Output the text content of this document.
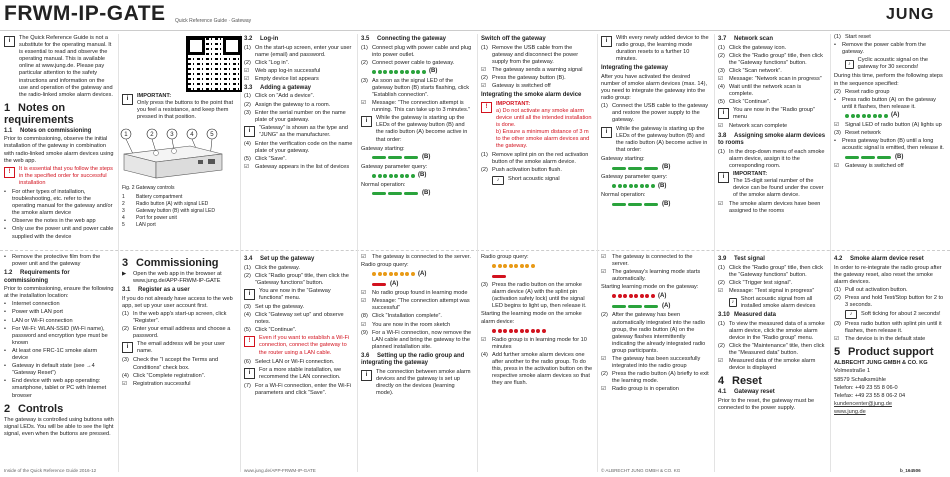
FRWM-IP-GATE Quick Reference Guide · Gateway	JUNG
i	The Quick Reference Guide is not a substitute for the operating manual. It is essential to read and observe the operating manual. This is available online at www.jung.de. Please pay particular attention to the safety instructions and information on the use and operation of the gateway and the radio-linked smoke alarm devices.
1 Notes on requirements
1.1 Notes on commissioning
Prior to commissioning, observe the initial installation of the gateway in combination with radio-linked smoke alarm devices using the web app.
!	It is essential that you follow the steps in the specified order for successful installation
•	For other types of installation, troubleshooting, etc. refer to the operating manual for the gateway and/or the smoke alarm device
•	Observe the notes in the web app
•	Only use the power unit and power cable supplied with the device
•	Remove the protective film from the power unit and the gateway
1.2 Requirements for commissioning
Prior to commissioning, ensure the following at the installation location:
•	Internet connection
•	Power with LAN port
•	LAN or Wi-Fi connection
•	For Wi-Fi: WLAN-SSID (Wi-Fi name), password and encryption type must be known
•	At least one FRC-1C smoke alarm device
•	Gateway in default state (see →4 “Gateway Reset”)
•	End device with web app operating: smartphone, tablet or PC with Internet browser
2 Controls
The gateway is controlled using buttons with signal LEDs. You will be able to see the light signal, even when the buttons are pressed.
Inside of the Quick Reference Guide 2016-12
i	IMPORTANT:
Only press the buttons to the point that you feel a resistance, and keep them pressed in that position.
1	2	3	4	5
Fig. 2 Gateway controls
1	Battery compartment
2	Radio button (A) with signal LED
3	Gateway button (B) with signal LED
4	Port for power unit
5	LAN port
3 Commissioning
▶	Open the web app in the browser at www.jung.de/APP-FRWM-IP-GATE
3.1 Register as a user
If you do not already have access to the web app, set up your user account first.
(1) In the web app's start-up screen, click “Register”.
(2) Enter your email address and choose a password.
i	The email address will be your user name.
(3) Check the “I accept the Terms and Conditions” check box.
(4) Click “Complete registration”.
☑	Registration successful
3.2 Log-in
(1) On the start-up screen, enter your user name (email) and password.
(2) Click “Log in”.
☑	Web app log-in successful
☑	Empty device list appears
3.3 Adding a gateway
(1) Click on “Add a device”.
(2) Assign the gateway to a room.
(3) Enter the serial number on the name plate of your gateway.
i	“Gateway” is shown as the type and “JUNG” as the manufacturer.
(4) Enter the verification code on the name plate of your gateway.
(5) Click “Save”.
☑	Gateway appears in the list of devices
3.4 Set up the gateway
(1) Click the gateway.
(2) Click “Radio group” title, then click the “Gateway functions” button.
i	You are now in the “Gateway functions” menu.
(3) Set up the gateway.
(4) Click “Gateway set up” and observe notes.
(5) Click “Continue”.
!	Even if you want to establish a Wi-Fi connection, connect the gateway to the router using a LAN cable.
(6) Select LAN or Wi-Fi connection.
i	For a more stable installation, we recommend the LAN connection.
(7) For a Wi-Fi connection, enter the Wi-Fi parameters and click “Save”.
www.jung.de/APP-FRWM-IP-GATE
3.5 Connecting the gateway
(1) Connect plug with power cable and plug into power outlet.
(2) Connect power cable to gateway.
(B)
(3) As soon as the signal LED of the gateway button (B) starts flashing, click “Establish connection”.
☑	Message: “The connection attempt is running. This can take up to 3 minutes.”
i	While the gateway is starting up the LEDs of the gateway button (B) and the radio button (A) become active in that order:
Gateway starting:
(B)
Gateway parameter query:
(B)
Normal operation:
(B)
☑	The gateway is connected to the server.
Radio group query:
(A)
(A)
☑	No radio group found in learning mode
☑	Message: “The connection attempt was successful”
(8) Click “Installation complete”.
☑	You are now in the room sketch
(9) For a Wi-Fi connection, now remove the LAN cable and bring the gateway to the planned installation site.
3.6 Setting up the radio group and integrating the gateway
i	The connection between smoke alarm devices and the gateway is set up directly on the devices (learning mode).
Switch off the gateway
(1) Remove the USB cable from the gateway and disconnect the power supply from the gateway.
☑	The gateway sends a warning signal
(2) Press the gateway button (B).
☑	Gateway is switched off
Integrating the smoke alarm device
!	IMPORTANT:
a) Do not activate any smoke alarm device until all the intended installation is done.
b) Ensure a minimum distance of 3 m to the other smoke alarm devices and the gateway.
(1) Remove splint pin on the red activation button of the smoke alarm device.
(2) Push activation button flush.
♪	Short acoustic signal
Radio group query:
(3) Press the radio button on the smoke alarm device (A) with the splint pin (activation safety lock) until the signal LED begins to light up, then release it.
Starting the learning mode on the smoke alarm device:
☑	Radio group is in learning mode for 10 minutes
(4) Add further smoke alarm devices one after another to the radio group. To do this, press in the activation button on the respective smoke alarm devices so that they are flush.
i	With every newly added device to the radio group, the learning mode duration resets to a further 10 minutes.
Integrating the gateway
After you have activated the desired number of smoke alarm devices (max. 14), you need to integrate the gateway into the radio group:
(1) Connect the USB cable to the gateway and restore the power supply to the gateway.
i	While the gateway is starting up the LEDs of the gateway button (B) and the radio button (A) become active in that order:
Gateway starting:
(B)
Gateway parameter query:
(B)
Normal operation:
(B)
☑	The gateway is connected to the server.
☑	The gateway's learning mode starts automatically.
Starting learning mode on the gateway:
(A)
(A)
(2) After the gateway has been automatically integrated into the radio group, the radio button (A) on the gateway flashes intermittently indicating the already integrated radio group participants.
☑	The gateway has been successfully integrated into the radio group
(2) Press the radio button (A) briefly to exit the learning mode.
☑	Radio group is in operation
© ALBRECHT JUNG GMBH & CO. KG
3.7 Network scan
(1) Click the gateway icon.
(2) Click the “Radio group” title, then click the “Gateway functions” button.
(3) Click “Scan network”.
☑	Message: “Network scan in progress”
(4) Wait until the network scan is complete.
(5) Click “Continue”.
i	You are now in the “Radio group” menu
☑	Network scan complete
3.8 Assigning smoke alarm devices to rooms
(1) In the drop-down menu of each smoke alarm device, assign it to the corresponding room.
i	IMPORTANT:
The 15-digit serial number of the device can be found under the cover of the smoke alarm device.
☑	The smoke alarm devices have been assigned to the rooms
3.9 Test signal
(1) Click the “Radio group” title, then click the “Gateway functions” button.
(2) Click “Trigger test signal”.
☑	Message: “Test signal in progress”
♪
Short acoustic signal from all installed smoke alarm devices
3.10 Measured data
(1) To view the measured data of a smoke alarm device, click the smoke alarm device in the “Radio group” menu.
(2) Click the “Maintenance” title, then click the “Measured data” button.
☑	Measured data of the smoke alarm device is displayed
4 Reset
4.1 Gateway reset
Prior to the reset, the gateway must be connected to the power supply.
(1) Start reset
•	Remove the power cable from the gateway.
♪
Cyclic acoustic signal on the gateway for 30 seconds!
During this time, perform the following steps in the sequence specified:
(2) Reset radio group
•	Press radio button (A) on the gateway until it flashes, then release it.
(A)
☑	Signal LED of radio button (A) lights up
(3) Reset network
•	Press gateway button (B) until a long acoustic signal is emitted, then release it.
(B)
☑	Gateway is switched off
4.2 Smoke alarm device reset
In order to re-integrate the radio group after the gateway reset, also reset the smoke alarm devices.
(1) Pull out activation button.
(2) Press and hold Test/Stop button for 2 to 3 seconds.
♪	Soft ticking for about 2 seconds!
(3) Press radio button with splint pin until it flashes, then release it.
☑	The device is in the default state
5 Product support
ALBRECHT JUNG GMBH & CO. KG
Volmestraße 1
58579 Schalksmühle
Telefon: +49 23 55 8 06-0
Telefax: +49 23 55 8 06-2 04
kundencenter@jung.de
www.jung.de
b_164506
